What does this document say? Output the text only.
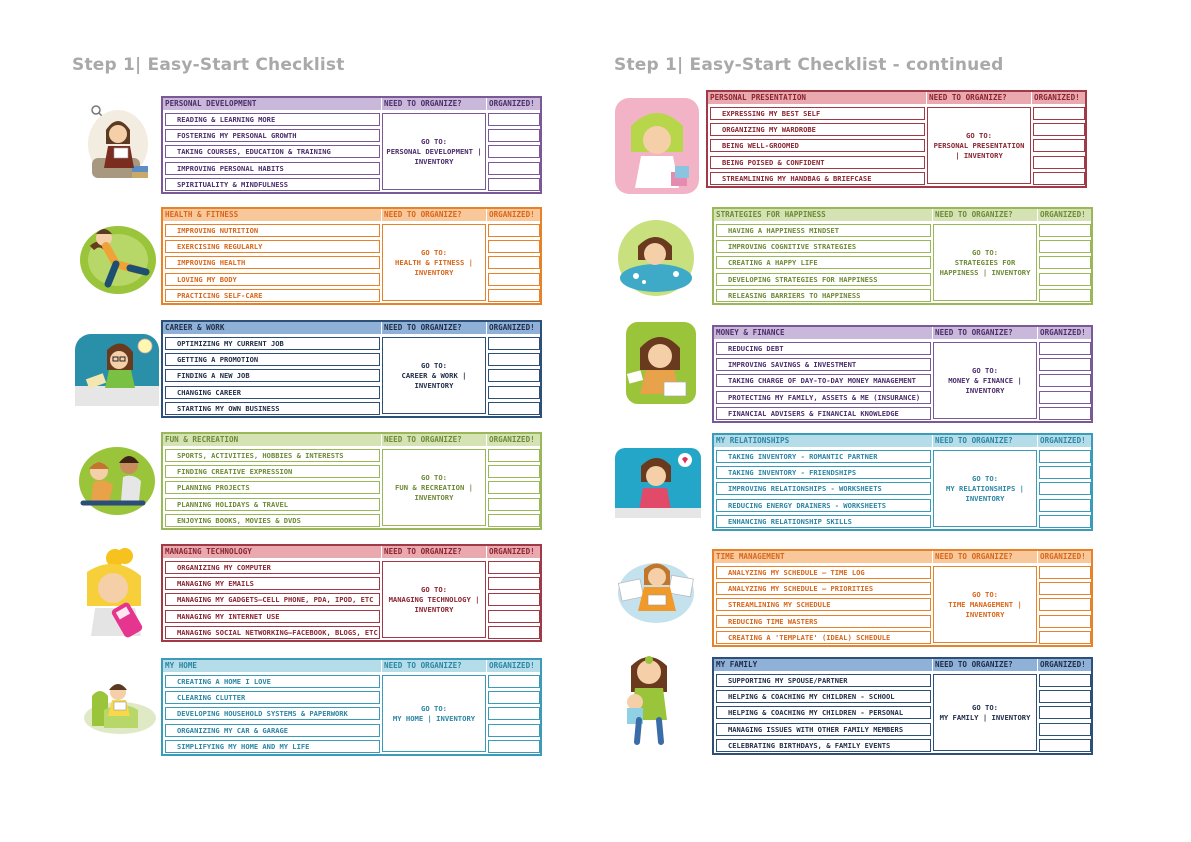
Step 1| Easy-Start Checklist	Step 1| Easy-Start Checklist - continued
PERSONAL DEVELOPMENT	NEED TO ORGANIZE?	ORGANIZED!
READING & LEARNING MORE
FOSTERING MY PERSONAL GROWTH
TAKING COURSES, EDUCATION & TRAINING
IMPROVING PERSONAL HABITS
SPIRITUALITY & MINDFULNESS
GO TO:
PERSONAL DEVELOPMENT | INVENTORY
HEALTH & FITNESS	NEED TO ORGANIZE?	ORGANIZED!
IMPROVING NUTRITION
EXERCISING REGULARLY
IMPROVING HEALTH
LOVING MY BODY
PRACTICING SELF-CARE
GO TO:
HEALTH & FITNESS | INVENTORY
CAREER & WORK	NEED TO ORGANIZE?	ORGANIZED!
OPTIMIZING MY CURRENT JOB
GETTING A PROMOTION
FINDING A NEW JOB
CHANGING CAREER
STARTING MY OWN BUSINESS
GO TO:
CAREER & WORK | INVENTORY
FUN & RECREATION	NEED TO ORGANIZE?	ORGANIZED!
SPORTS, ACTIVITIES, HOBBIES & INTERESTS
FINDING CREATIVE EXPRESSION
PLANNING PROJECTS
PLANNING HOLIDAYS & TRAVEL
ENJOYING BOOKS, MOVIES & DVDS
GO TO:
FUN & RECREATION | INVENTORY
MANAGING TECHNOLOGY	NEED TO ORGANIZE?	ORGANIZED!
ORGANIZING MY COMPUTER
MANAGING MY EMAILS
MANAGING MY GADGETS—CELL PHONE, PDA, IPOD, ETC
MANAGING MY INTERNET USE
MANAGING SOCIAL NETWORKING—FACEBOOK, BLOGS, ETC
GO TO:
MANAGING TECHNOLOGY | INVENTORY
MY HOME	NEED TO ORGANIZE?	ORGANIZED!
CREATING A HOME I LOVE
CLEARING CLUTTER
DEVELOPING HOUSEHOLD SYSTEMS & PAPERWORK
ORGANIZING MY CAR & GARAGE
SIMPLIFYING MY HOME AND MY LIFE
GO TO:
MY HOME | INVENTORY
PERSONAL PRESENTATION	NEED TO ORGANIZE?	ORGANIZED!
EXPRESSING MY BEST SELF
ORGANIZING MY WARDROBE
BEING WELL-GROOMED
BEING POISED & CONFIDENT
STREAMLINING MY HANDBAG & BRIEFCASE
GO TO:
PERSONAL PRESENTATION | INVENTORY
STRATEGIES FOR HAPPINESS	NEED TO ORGANIZE?	ORGANIZED!
HAVING A HAPPINESS MINDSET
IMPROVING COGNITIVE STRATEGIES
CREATING A HAPPY LIFE
DEVELOPING STRATEGIES FOR HAPPINESS
RELEASING BARRIERS TO HAPPINESS
GO TO:
STRATEGIES FOR HAPPINESS | INVENTORY
MONEY & FINANCE	NEED TO ORGANIZE?	ORGANIZED!
REDUCING DEBT
IMPROVING SAVINGS & INVESTMENT
TAKING CHARGE OF DAY-TO-DAY MONEY MANAGEMENT
PROTECTING MY FAMILY, ASSETS & ME (INSURANCE)
FINANCIAL ADVISERS & FINANCIAL KNOWLEDGE
GO TO:
MONEY & FINANCE | INVENTORY
MY RELATIONSHIPS	NEED TO ORGANIZE?	ORGANIZED!
TAKING INVENTORY - ROMANTIC PARTNER
TAKING INVENTORY - FRIENDSHIPS
IMPROVING RELATIONSHIPS - WORKSHEETS
REDUCING ENERGY DRAINERS - WORKSHEETS
ENHANCING RELATIONSHIP SKILLS
GO TO:
MY RELATIONSHIPS | INVENTORY
TIME MANAGEMENT	NEED TO ORGANIZE?	ORGANIZED!
ANALYZING MY SCHEDULE – TIME LOG
ANALYZING MY SCHEDULE – PRIORITIES
STREAMLINING MY SCHEDULE
REDUCING TIME WASTERS
CREATING A 'TEMPLATE' (IDEAL) SCHEDULE
GO TO:
TIME MANAGEMENT | INVENTORY
MY FAMILY	NEED TO ORGANIZE?	ORGANIZED!
SUPPORTING MY SPOUSE/PARTNER
HELPING & COACHING MY CHILDREN - SCHOOL
HELPING & COACHING MY CHILDREN - PERSONAL
MANAGING ISSUES WITH OTHER FAMILY MEMBERS
CELEBRATING BIRTHDAYS, & FAMILY EVENTS
GO TO:
MY FAMILY | INVENTORY
